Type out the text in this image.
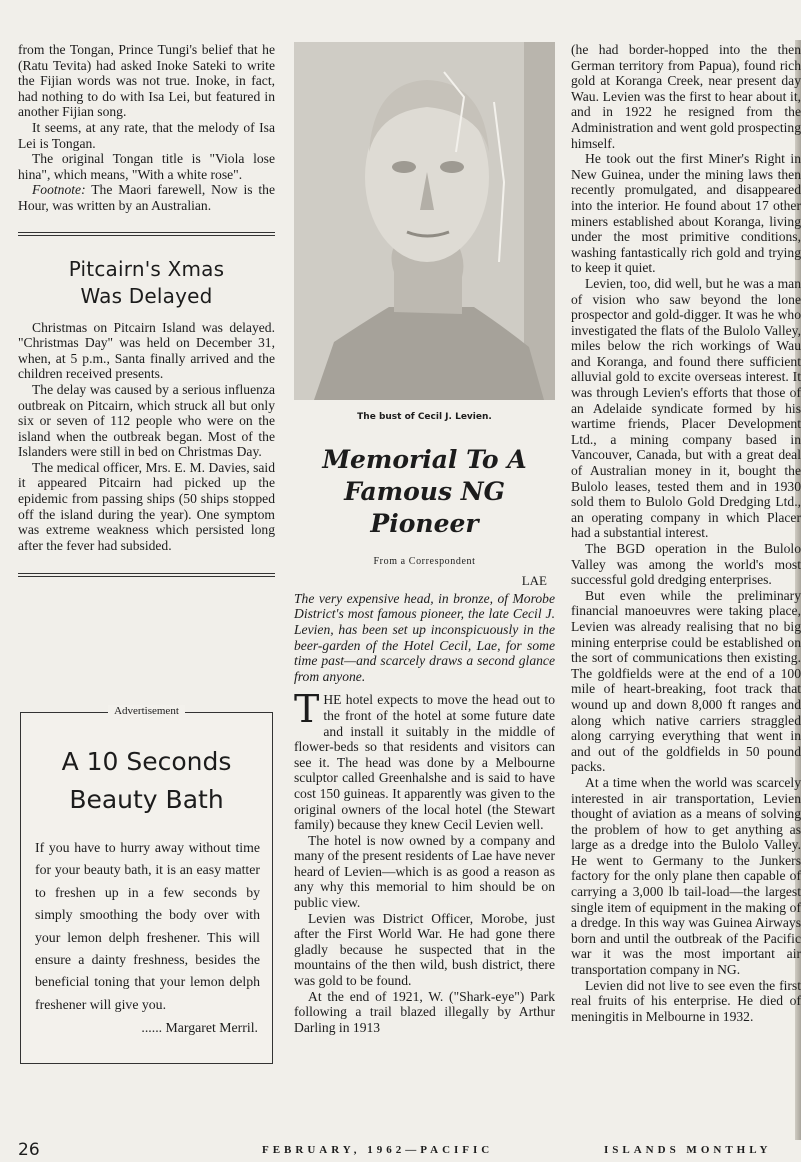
from the Tongan, Prince Tungi's belief that he (Ratu Tevita) had asked Inoke Sateki to write the Fijian words was not true. Inoke, in fact, had nothing to do with Isa Lei, but featured in another Fijian song.

It seems, at any rate, that the melody of Isa Lei is Tongan.

The original Tongan title is "Viola lose hina", which means, "With a white rose".

Footnote: The Maori farewell, Now is the Hour, was written by an Australian.

Pitcairn's Xmas
Was Delayed

Christmas on Pitcairn Island was delayed. "Christmas Day" was held on December 31, when, at 5 p.m., Santa finally arrived and the children received presents.

The delay was caused by a serious influenza outbreak on Pitcairn, which struck all but only six or seven of 112 people who were on the island when the outbreak began. Most of the Islanders were still in bed on Christmas Day.

The medical officer, Mrs. E. M. Davies, said it appeared Pitcairn had picked up the epidemic from passing ships (50 ships stopped off the island during the year). One symptom was extreme weakness which persisted long after the fever had subsided.

Advertisement
A 10 Seconds
Beauty Bath
If you have to hurry away without time for your beauty bath, it is an easy matter to freshen up in a few seconds by simply smoothing the body over with your lemon delph freshener. This will ensure a dainty freshness, besides the beneficial toning that your lemon delph freshener will give you.
...... Margaret Merril.
The bust of Cecil J. Levien.
Memorial To A
Famous NG
Pioneer
From a Correspondent
LAE

The very expensive head, in bronze, of Morobe District's most famous pioneer, the late Cecil J. Levien, has been set up inconspicuously in the beer-garden of the Hotel Cecil, Lae, for some time past—and scarcely draws a second glance from anyone.

THE hotel expects to move the head out to the front of the hotel at some future date and install it suitably in the middle of flower-beds so that residents and visitors can see it. The head was done by a Melbourne sculptor called Greenhalshe and is said to have cost 150 guineas. It apparently was given to the original owners of the local hotel (the Stewart family) because they knew Cecil Levien well.

The hotel is now owned by a company and many of the present residents of Lae have never heard of Levien—which is as good a reason as any why this memorial to him should be on public view.

Levien was District Officer, Morobe, just after the First World War. He had gone there gladly because he suspected that in the mountains of the then wild, bush district, there was gold to be found.

At the end of 1921, W. ("Shark-eye") Park following a trail blazed illegally by Arthur Darling in 1913

(he had border-hopped into the then German territory from Papua), found rich gold at Koranga Creek, near present day Wau. Levien was the first to hear about it, and in 1922 he resigned from the Administration and went gold prospecting himself.

He took out the first Miner's Right in New Guinea, under the mining laws then recently promulgated, and disappeared into the interior. He found about 17 other miners established about Koranga, living under the most primitive conditions, washing fantastically rich gold and trying to keep it quiet.

Levien, too, did well, but he was a man of vision who saw beyond the lone prospector and gold-digger. It was he who investigated the flats of the Bulolo Valley, miles below the rich workings of Wau and Koranga, and found there sufficient alluvial gold to excite overseas interest. It was through Levien's efforts that those of an Adelaide syndicate formed by his wartime friends, Placer Development Ltd., a mining company based in Vancouver, Canada, but with a great deal of Australian money in it, bought the Bulolo leases, tested them and in 1930 sold them to Bulolo Gold Dredging Ltd., an operating company in which Placer had a substantial interest.

The BGD operation in the Bulolo Valley was among the world's most successful gold dredging enterprises.

But even while the preliminary financial manoeuvres were taking place, Levien was already realising that no big mining enterprise could be established on the sort of communications then existing. The goldfields were at the end of a 100 mile of heart-breaking, foot track that wound up and down 8,000 ft ranges and along which native carriers straggled along carrying everything that went in and out of the goldfields in 50 pound packs.

At a time when the world was scarcely interested in air transportation, Levien thought of aviation as a means of solving the problem of how to get anything as large as a dredge into the Bulolo Valley. He went to Germany to the Junkers factory for the only plane then capable of carrying a 3,000 lb tail-load—the largest single item of equipment in the making of a dredge. In this way was Guinea Airways born and until the outbreak of the Pacific war it was the most important air transportation company in NG.

Levien did not live to see even the first real fruits of his enterprise. He died of meningitis in Melbourne in 1932.

26	FEBRUARY, 1962—PACIFIC	ISLANDS MONTHLY
